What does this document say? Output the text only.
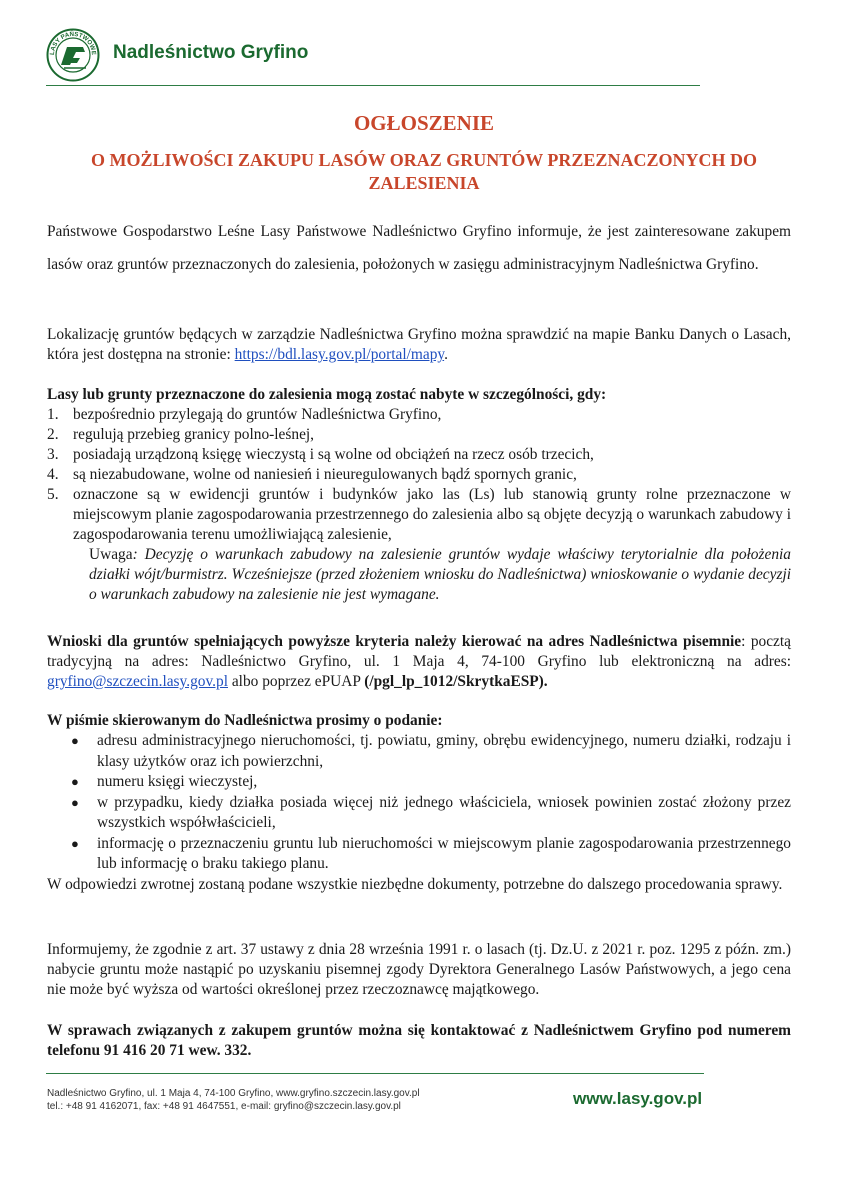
LASY PAŃSTWOWE Nadleśnictwo Gryfino
OGŁOSZENIE
O MOŻLIWOŚCI ZAKUPU LASÓW ORAZ GRUNTÓW PRZEZNACZONYCH DO ZALESIENIA
Państwowe Gospodarstwo Leśne Lasy Państwowe Nadleśnictwo Gryfino informuje, że jest zainteresowane zakupem lasów oraz gruntów przeznaczonych do zalesienia, położonych w zasięgu administracyjnym Nadleśnictwa Gryfino.
Lokalizację gruntów będących w zarządzie Nadleśnictwa Gryfino można sprawdzić na mapie Banku Danych o Lasach, która jest dostępna na stronie: https://bdl.lasy.gov.pl/portal/mapy.
Lasy lub grunty przeznaczone do zalesienia mogą zostać nabyte w szczególności, gdy:
1. bezpośrednio przylegają do gruntów Nadleśnictwa Gryfino,
2. regulują przebieg granicy polno-leśnej,
3. posiadają urządzoną księgę wieczystą i są wolne od obciążeń na rzecz osób trzecich,
4. są niezabudowane, wolne od naniesień i nieuregulowanych bądź spornych granic,
5. oznaczone są w ewidencji gruntów i budynków jako las (Ls) lub stanowią grunty rolne przeznaczone w miejscowym planie zagospodarowania przestrzennego do zalesienia albo są objęte decyzją o warunkach zabudowy i zagospodarowania terenu umożliwiającą zalesienie,
Uwaga: Decyzję o warunkach zabudowy na zalesienie gruntów wydaje właściwy terytorialnie dla położenia działki wójt/burmistrz. Wcześniejsze (przed złożeniem wniosku do Nadleśnictwa) wnioskowanie o wydanie decyzji o warunkach zabudowy na zalesienie nie jest wymagane.
Wnioski dla gruntów spełniających powyższe kryteria należy kierować na adres Nadleśnictwa pisemnie: pocztą tradycyjną na adres: Nadleśnictwo Gryfino, ul. 1 Maja 4, 74-100 Gryfino lub elektroniczną na adres: gryfino@szczecin.lasy.gov.pl albo poprzez ePUAP (/pgl_lp_1012/SkrytkaESP).
W piśmie skierowanym do Nadleśnictwa prosimy o podanie:
● adresu administracyjnego nieruchomości, tj. powiatu, gminy, obrębu ewidencyjnego, numeru działki, rodzaju i klasy użytków oraz ich powierzchni,
● numeru księgi wieczystej,
● w przypadku, kiedy działka posiada więcej niż jednego właściciela, wniosek powinien zostać złożony przez wszystkich współwłaścicieli,
● informację o przeznaczeniu gruntu lub nieruchomości w miejscowym planie zagospodarowania przestrzennego lub informację o braku takiego planu.
W odpowiedzi zwrotnej zostaną podane wszystkie niezbędne dokumenty, potrzebne do dalszego procedowania sprawy.
Informujemy, że zgodnie z art. 37 ustawy z dnia 28 września 1991 r. o lasach (tj. Dz.U. z 2021 r. poz. 1295 z późn. zm.) nabycie gruntu może nastąpić po uzyskaniu pisemnej zgody Dyrektora Generalnego Lasów Państwowych, a jego cena nie może być wyższa od wartości określonej przez rzeczoznawcę majątkowego.
W sprawach związanych z zakupem gruntów można się kontaktować z Nadleśnictwem Gryfino pod numerem telefonu 91 416 20 71 wew. 332.
Nadleśnictwo Gryfino, ul. 1 Maja 4, 74-100 Gryfino, www.gryfino.szczecin.lasy.gov.pl
tel.: +48 91 4162071, fax: +48 91 4647551, e-mail: gryfino@szczecin.lasy.gov.pl	www.lasy.gov.pl
